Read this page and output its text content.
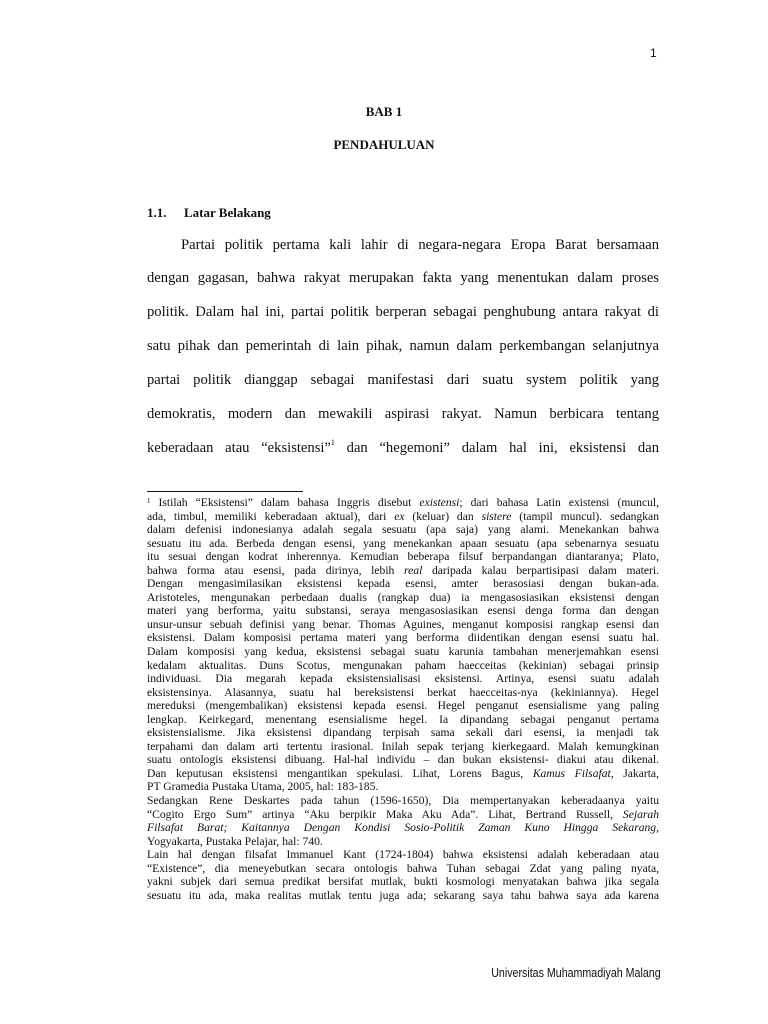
1
BAB 1
PENDAHULUAN
1.1. Latar Belakang
Partai politik pertama kali lahir di negara-negara Eropa Barat bersamaan
dengan gagasan, bahwa rakyat merupakan fakta yang menentukan dalam proses
politik. Dalam hal ini, partai politik berperan sebagai penghubung antara rakyat di
satu pihak dan pemerintah di lain pihak, namun dalam perkembangan selanjutnya
partai politik dianggap sebagai manifestasi dari suatu system politik yang
demokratis, modern dan mewakili aspirasi rakyat. Namun berbicara tentang
keberadaan atau “eksistensi”$^1$ dan “hegemoni” dalam hal ini, eksistensi dan
$^1$ Istilah “Eksistensi” dalam bahasa Inggris disebut existensi; dari bahasa Latin existensi (muncul,
ada, timbul, memiliki keberadaan aktual), dari ex (keluar) dan sistere (tampil muncul). sedangkan
dalam defenisi indonesianya adalah segala sesuatu (apa saja) yang alami. Menekankan bahwa
sesuatu itu ada. Berbeda dengan esensi, yang menekankan apaan sesuatu (apa sebenarnya sesuatu
itu sesuai dengan kodrat inherennya. Kemudian beberapa filsuf berpandangan diantaranya; Plato,
bahwa forma atau esensi, pada dirinya, lebih real daripada kalau berpartisipasi dalam materi.
Dengan mengasimilasikan eksistensi kepada esensi, amter berasosiasi dengan bukan-ada.
Aristoteles, mengunakan perbedaan dualis (rangkap dua) ia mengasosiasikan eksistensi dengan
materi yang berforma, yaitu substansi, seraya mengasosiasikan esensi denga forma dan dengan
unsur-unsur sebuah definisi yang benar. Thomas Aguines, menganut komposisi rangkap esensi dan
eksistensi. Dalam komposisi pertama materi yang berforma diidentikan dengan esensi suatu hal.
Dalam komposisi yang kedua, eksistensi sebagai suatu karunia tambahan menerjemahkan esensi
kedalam aktualitas. Duns Scotus, mengunakan paham haecceitas (kekinian) sebagai prinsip
individuasi. Dia megarah kepada eksistensialisasi eksistensi. Artinya, esensi suatu adalah
eksistensinya. Alasannya, suatu hal bereksistensi berkat haecceitas-nya (kekiniannya). Hegel
mereduksi (mengembalikan) eksistensi kepada esensi. Hegel penganut esensialisme yang paling
lengkap. Keirkegard, menentang esensialisme hegel. Ia dipandang sebagai penganut pertama
eksistensialisme. Jika eksistensi dipandang terpisah sama sekali dari esensi, ia menjadi tak
terpahami dan dalam arti tertentu irasional. Inilah sepak terjang kierkegaard. Malah kemungkinan
suatu ontologis eksistensi dibuang. Hal-hal individu – dan bukan eksistensi- diakui atau dikenal.
Dan keputusan eksistensi mengantikan spekulasi. Lihat, Lorens Bagus, Kamus Filsafat, Jakarta,
PT Gramedia Pustaka Utama, 2005, hal: 183-185.
Sedangkan Rene Deskartes pada tahun (1596-1650), Dia mempertanyakan keberadaanya yaitu
“Cogito Ergo Sum” artinya “Aku berpikir Maka Aku Ada”. Lihat, Bertrand Russell, Sejarah
Filsafat Barat; Kaitannya Dengan Kondisi Sosio-Politik Zaman Kuno Hingga Sekarang,
Yogyakarta, Pustaka Pelajar, hal: 740.
Lain hal dengan filsafat Immanuel Kant (1724-1804) bahwa eksistensi adalah keberadaan atau
“Existence”, dia meneyebutkan secara ontologis bahwa Tuhan sebagai Zdat yang paling nyata,
yakni subjek dari semua predikat bersifat mutlak, bukti kosmologi menyatakan bahwa jika segala
sesuatu itu ada, maka realitas mutlak tentu juga ada; sekarang saya tahu bahwa saya ada karena
Universitas Muhammadiyah Malang
